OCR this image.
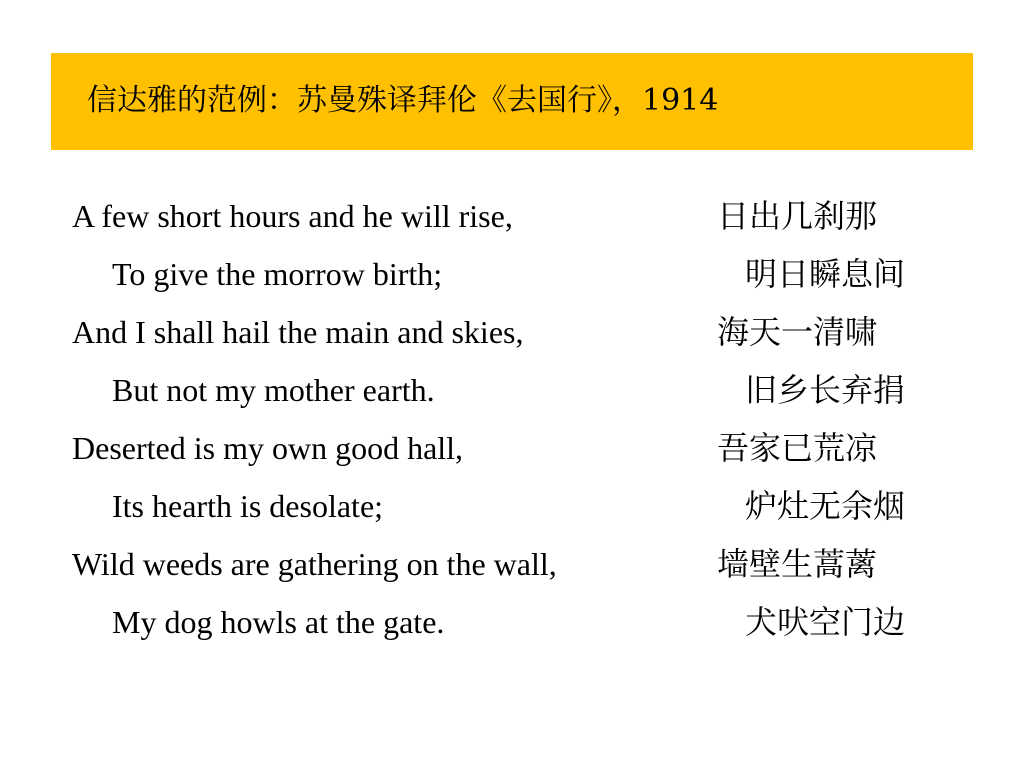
信达雅的范例：苏曼殊译拜伦《去国行》，1914
A few short hours and he will rise,
To give the morrow birth;
And I shall hail the main and skies,
But not my mother earth.
Deserted is my own good hall,
Its hearth is desolate;
Wild weeds are gathering on the wall,
My dog howls at the gate.
日出几刹那
明日瞬息间
海天一清啸
旧乡长弃捐
吾家已荒凉
炉灶无余烟
墙壁生蒿蓠
犬吠空门边
